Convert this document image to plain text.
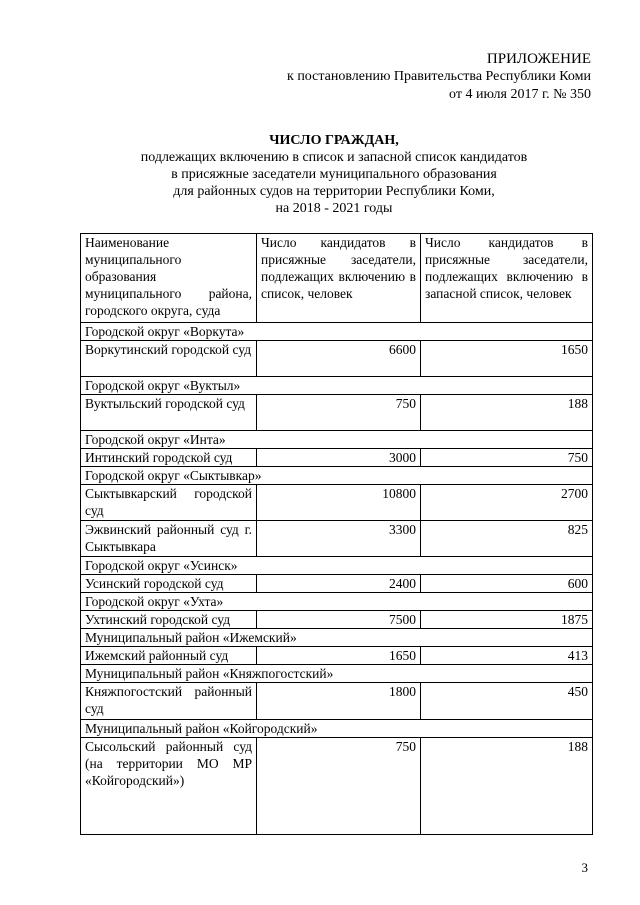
ПРИЛОЖЕНИЕ
к постановлению Правительства Республики Коми
от 4 июля 2017 г. № 350
ЧИСЛО ГРАЖДАН,
подлежащих включению в список и запасной список кандидатов
в присяжные заседатели муниципального образования
для районных судов на территории Республики Коми,
на 2018 - 2021 годы
Наименование муниципального образования муниципального района, городского округа, суда	Число кандидатов в присяжные заседатели, подлежащих включению в список, человек	Число кандидатов в присяжные заседатели, подлежащих включению в запасной список, человек
Городской округ «Воркута»		
Воркутинский городской суд	6600	1650
Городской округ «Вуктыл»		
Вуктыльский городской суд	750	188
Городской округ «Инта»		
Интинский городской суд	3000	750
Городской округ «Сыктывкар»		
Сыктывкарский городской суд	10800	2700
Эжвинский районный суд г. Сыктывкара	3300	825
Городской округ «Усинск»		
Усинский городской суд	2400	600
Городской округ «Ухта»		
Ухтинский городской суд	7500	1875
Муниципальный район «Ижемский»		
Ижемский районный суд	1650	413
Муниципальный район «Княжпогостский»		
Княжпогостский районный суд	1800	450
Муниципальный район «Койгородский»		
Сысольский районный суд (на территории МО МР «Койгородский»)	750	188
3
